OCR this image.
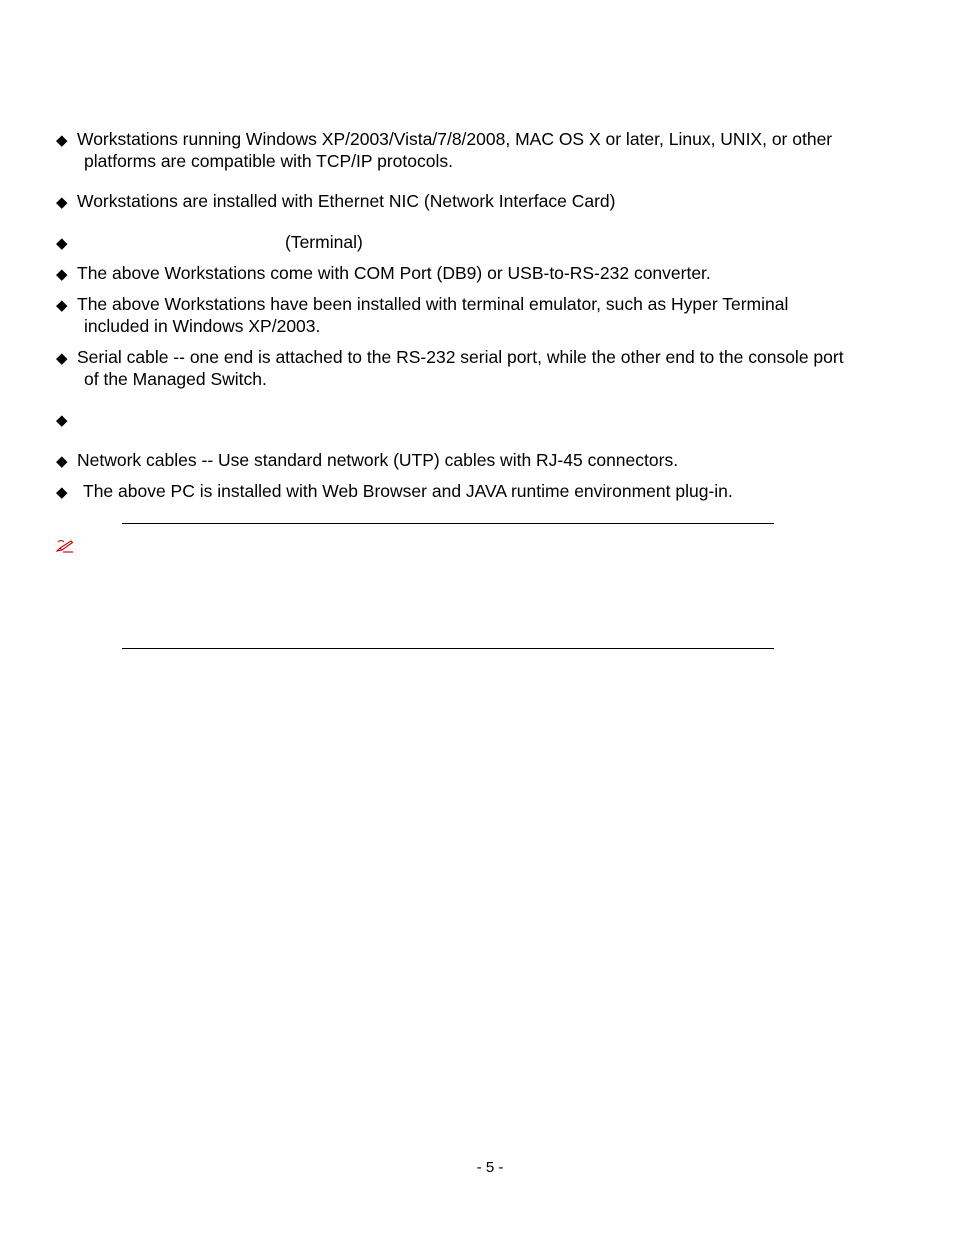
◆ Workstations running Windows XP/2003/Vista/7/8/2008, MAC OS X or later, Linux, UNIX, or other
platforms are compatible with TCP/IP protocols.
◆ Workstations are installed with Ethernet NIC (Network Interface Card)
◆	(Terminal)
◆ The above Workstations come with COM Port (DB9) or USB-to-RS-232 converter.
◆ The above Workstations have been installed with terminal emulator, such as Hyper Terminal
included in Windows XP/2003.
◆ Serial cable -- one end is attached to the RS-232 serial port, while the other end to the console port
of the Managed Switch.
◆
◆ Network cables -- Use standard network (UTP) cables with RJ-45 connectors.
◆ The above PC is installed with Web Browser and JAVA runtime environment plug-in.
- 5 -
